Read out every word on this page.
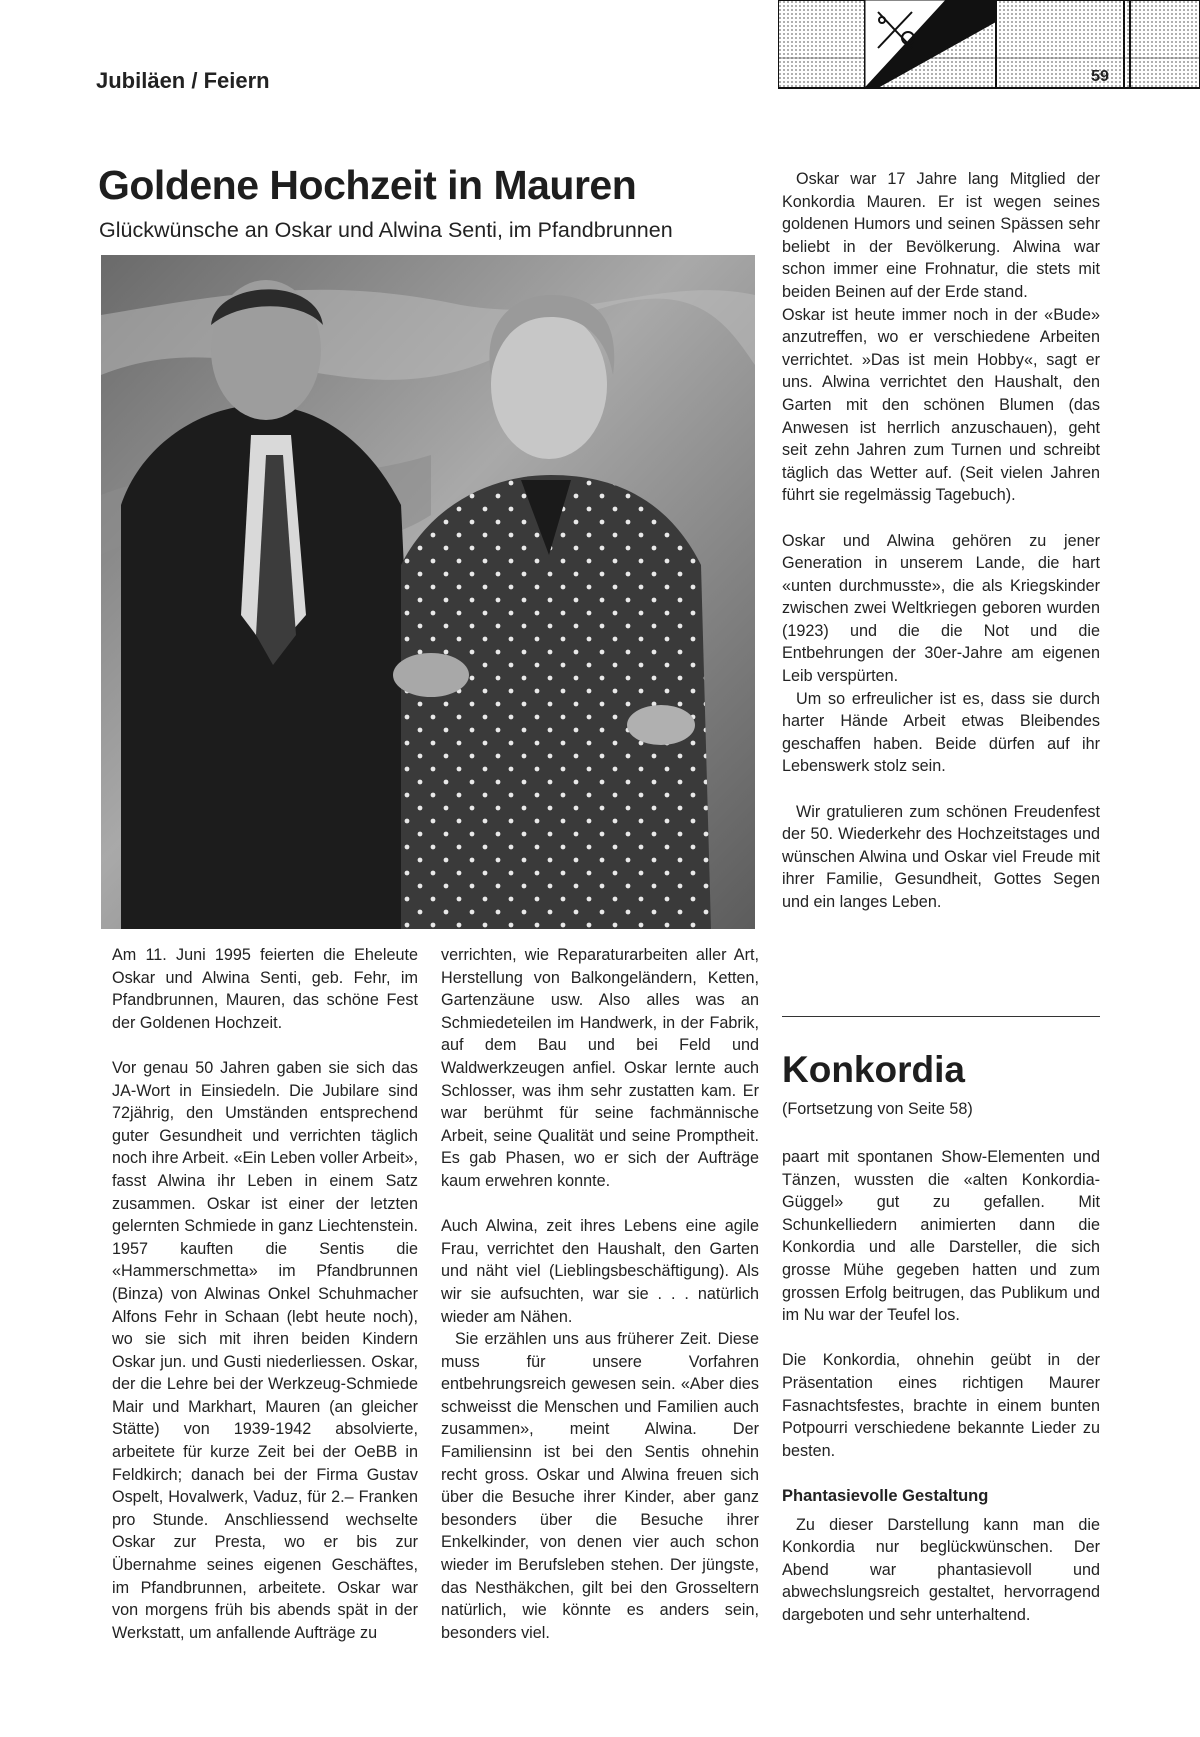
Jubiläen / Feiern	59
Goldene Hochzeit in Mauren
Glückwünsche an Oskar und Alwina Senti, im Pfandbrunnen

Am 11. Juni 1995 feierten die Eheleute Oskar und Alwina Senti, geb. Fehr, im Pfandbrunnen, Mauren, das schöne Fest der Goldenen Hochzeit.

Vor genau 50 Jahren gaben sie sich das JA-Wort in Einsiedeln. Die Jubilare sind 72jährig, den Umständen entsprechend guter Gesundheit und verrichten täglich noch ihre Arbeit. «Ein Leben voller Arbeit», fasst Alwina ihr Leben in einem Satz zusammen. Oskar ist einer der letzten gelernten Schmiede in ganz Liechtenstein. 1957 kauften die Sentis die «Hammerschmetta» im Pfandbrunnen (Binza) von Alwinas Onkel Schuhmacher Alfons Fehr in Schaan (lebt heute noch), wo sie sich mit ihren beiden Kindern Oskar jun. und Gusti niederliessen. Oskar, der die Lehre bei der Werkzeug-Schmiede Mair und Markhart, Mauren (an gleicher Stätte) von 1939-1942 absolvierte, arbeitete für kurze Zeit bei der OeBB in Feldkirch; danach bei der Firma Gustav Ospelt, Hovalwerk, Vaduz, für 2.– Franken pro Stunde. Anschliessend wechselte Oskar zur Presta, wo er bis zur Übernahme seines eigenen Geschäftes, im Pfandbrunnen, arbeitete. Oskar war von morgens früh bis abends spät in der Werkstatt, um anfallende Aufträge zu

verrichten, wie Reparaturarbeiten aller Art, Herstellung von Balkongeländern, Ketten, Gartenzäune usw. Also alles was an Schmiedeteilen im Handwerk, in der Fabrik, auf dem Bau und bei Feld und Waldwerkzeugen anfiel. Oskar lernte auch Schlosser, was ihm sehr zustatten kam. Er war berühmt für seine fachmännische Arbeit, seine Qualität und seine Promptheit. Es gab Phasen, wo er sich der Aufträge kaum erwehren konnte.

Auch Alwina, zeit ihres Lebens eine agile Frau, verrichtet den Haushalt, den Garten und näht viel (Lieblingsbeschäftigung). Als wir sie aufsuchten, war sie . . . natürlich wieder am Nähen.

Sie erzählen uns aus früherer Zeit. Diese muss für unsere Vorfahren entbehrungsreich gewesen sein. «Aber dies schweisst die Menschen und Familien auch zusammen», meint Alwina. Der Familiensinn ist bei den Sentis ohnehin recht gross. Oskar und Alwina freuen sich über die Besuche ihrer Kinder, aber ganz besonders über die Besuche ihrer Enkelkinder, von denen vier auch schon wieder im Berufsleben stehen. Der jüngste, das Nesthäkchen, gilt bei den Grosseltern natürlich, wie könnte es anders sein, besonders viel.

Oskar war 17 Jahre lang Mitglied der Konkordia Mauren. Er ist wegen seines goldenen Humors und seinen Spässen sehr beliebt in der Bevölkerung. Alwina war schon immer eine Frohnatur, die stets mit beiden Beinen auf der Erde stand.

Oskar ist heute immer noch in der «Bude» anzutreffen, wo er verschiedene Arbeiten verrichtet. »Das ist mein Hobby«, sagt er uns. Alwina verrichtet den Haushalt, den Garten mit den schönen Blumen (das Anwesen ist herrlich anzuschauen), geht seit zehn Jahren zum Turnen und schreibt täglich das Wetter auf. (Seit vielen Jahren führt sie regelmässig Tagebuch).

Oskar und Alwina gehören zu jener Generation in unserem Lande, die hart «unten durchmusste», die als Kriegskinder zwischen zwei Weltkriegen geboren wurden (1923) und die die Not und die Entbehrungen der 30er-Jahre am eigenen Leib verspürten.

Um so erfreulicher ist es, dass sie durch harter Hände Arbeit etwas Bleibendes geschaffen haben. Beide dürfen auf ihr Lebenswerk stolz sein.

Wir gratulieren zum schönen Freudenfest der 50. Wiederkehr des Hochzeitstages und wünschen Alwina und Oskar viel Freude mit ihrer Familie, Gesundheit, Gottes Segen und ein langes Leben.

Konkordia
(Fortsetzung von Seite 58)

paart mit spontanen Show-Elementen und Tänzen, wussten die «alten Konkordia-Güggel» gut zu gefallen. Mit Schunkelliedern animierten dann die Konkordia und alle Darsteller, die sich grosse Mühe gegeben hatten und zum grossen Erfolg beitrugen, das Publikum und im Nu war der Teufel los.

Die Konkordia, ohnehin geübt in der Präsentation eines richtigen Maurer Fasnachtsfestes, brachte in einem bunten Potpourri verschiedene bekannte Lieder zu besten.

Phantasievolle Gestaltung

Zu dieser Darstellung kann man die Konkordia nur beglückwünschen. Der Abend war phantasievoll und abwechslungsreich gestaltet, hervorragend dargeboten und sehr unterhaltend.
